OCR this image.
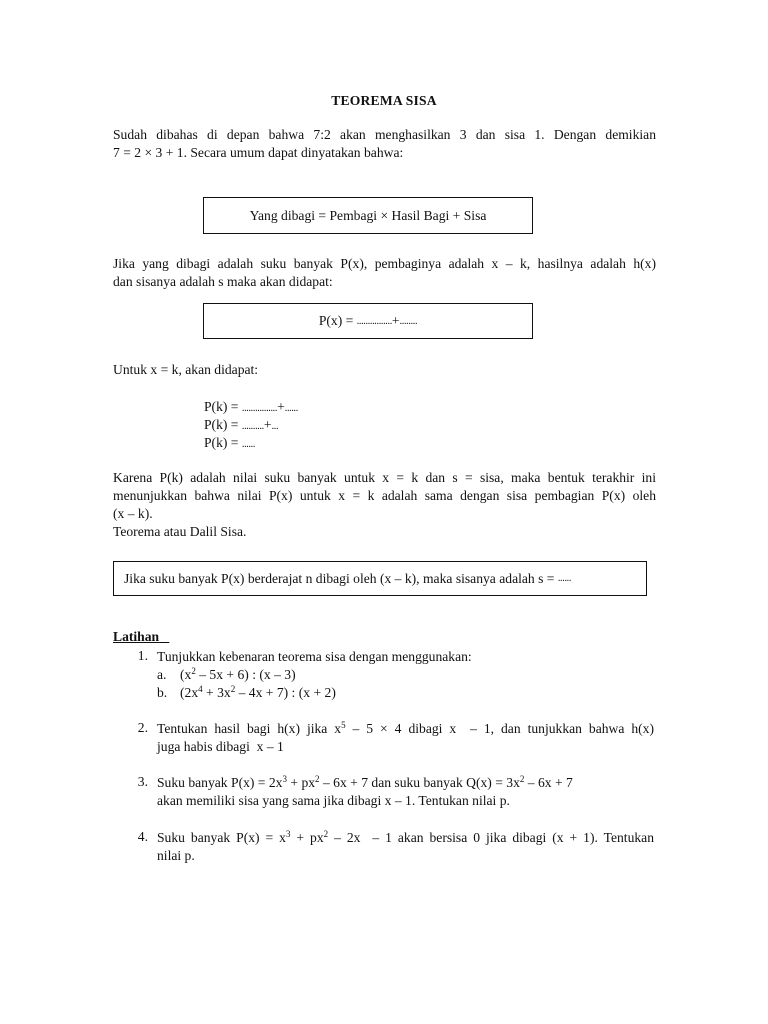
TEOREMA SISA
Sudah dibahas di depan bahwa 7:2 akan menghasilkan 3 dan sisa 1. Dengan demikian
7 = 2 × 3 + 1. Secara umum dapat dinyatakan bahwa:
Yang dibagi = Pembagi × Hasil Bagi + Sisa
Jika yang dibagi adalah suku banyak P(x), pembaginya adalah x – k, hasilnya adalah h(x)
dan sisanya adalah s maka akan didapat:
P(x) = ................ + ........
Untuk x = k, akan didapat:
P(k) = ................+......
P(k) = ..........+...
P(k) = ......
Karena P(k) adalah nilai suku banyak untuk x = k dan s = sisa, maka bentuk terakhir ini
menunjukkan bahwa nilai P(x) untuk x = k adalah sama dengan sisa pembagian P(x) oleh
(x – k).
Teorema atau Dalil Sisa.
Jika suku banyak P(x) berderajat n dibagi oleh (x – k), maka sisanya adalah s = ......
Latihan
1. Tunjukkan kebenaran teorema sisa dengan menggunakan:
a. $(x^2 - 5x + 6)$ : (x – 3)
b. $(2x^4 + 3x^2 - 4x + 7)$ : (x + 2)
2. Tentukan hasil bagi h(x) jika $x^5 - 5 \times 4$ dibagi x  – 1, dan tunjukkan bahwa h(x)
juga habis dibagi  x – 1
3. Suku banyak $P(x) = 2x^3 + px^2 - 6x + 7$ dan suku banyak $Q(x) = 3x^2 - 6x + 7$
akan memiliki sisa yang sama jika dibagi x – 1. Tentukan nilai p.
4. Suku banyak $P(x) = x^3 + px^2 - 2x - 1$ akan bersisa 0 jika dibagi (x + 1). Tentukan
nilai p.
